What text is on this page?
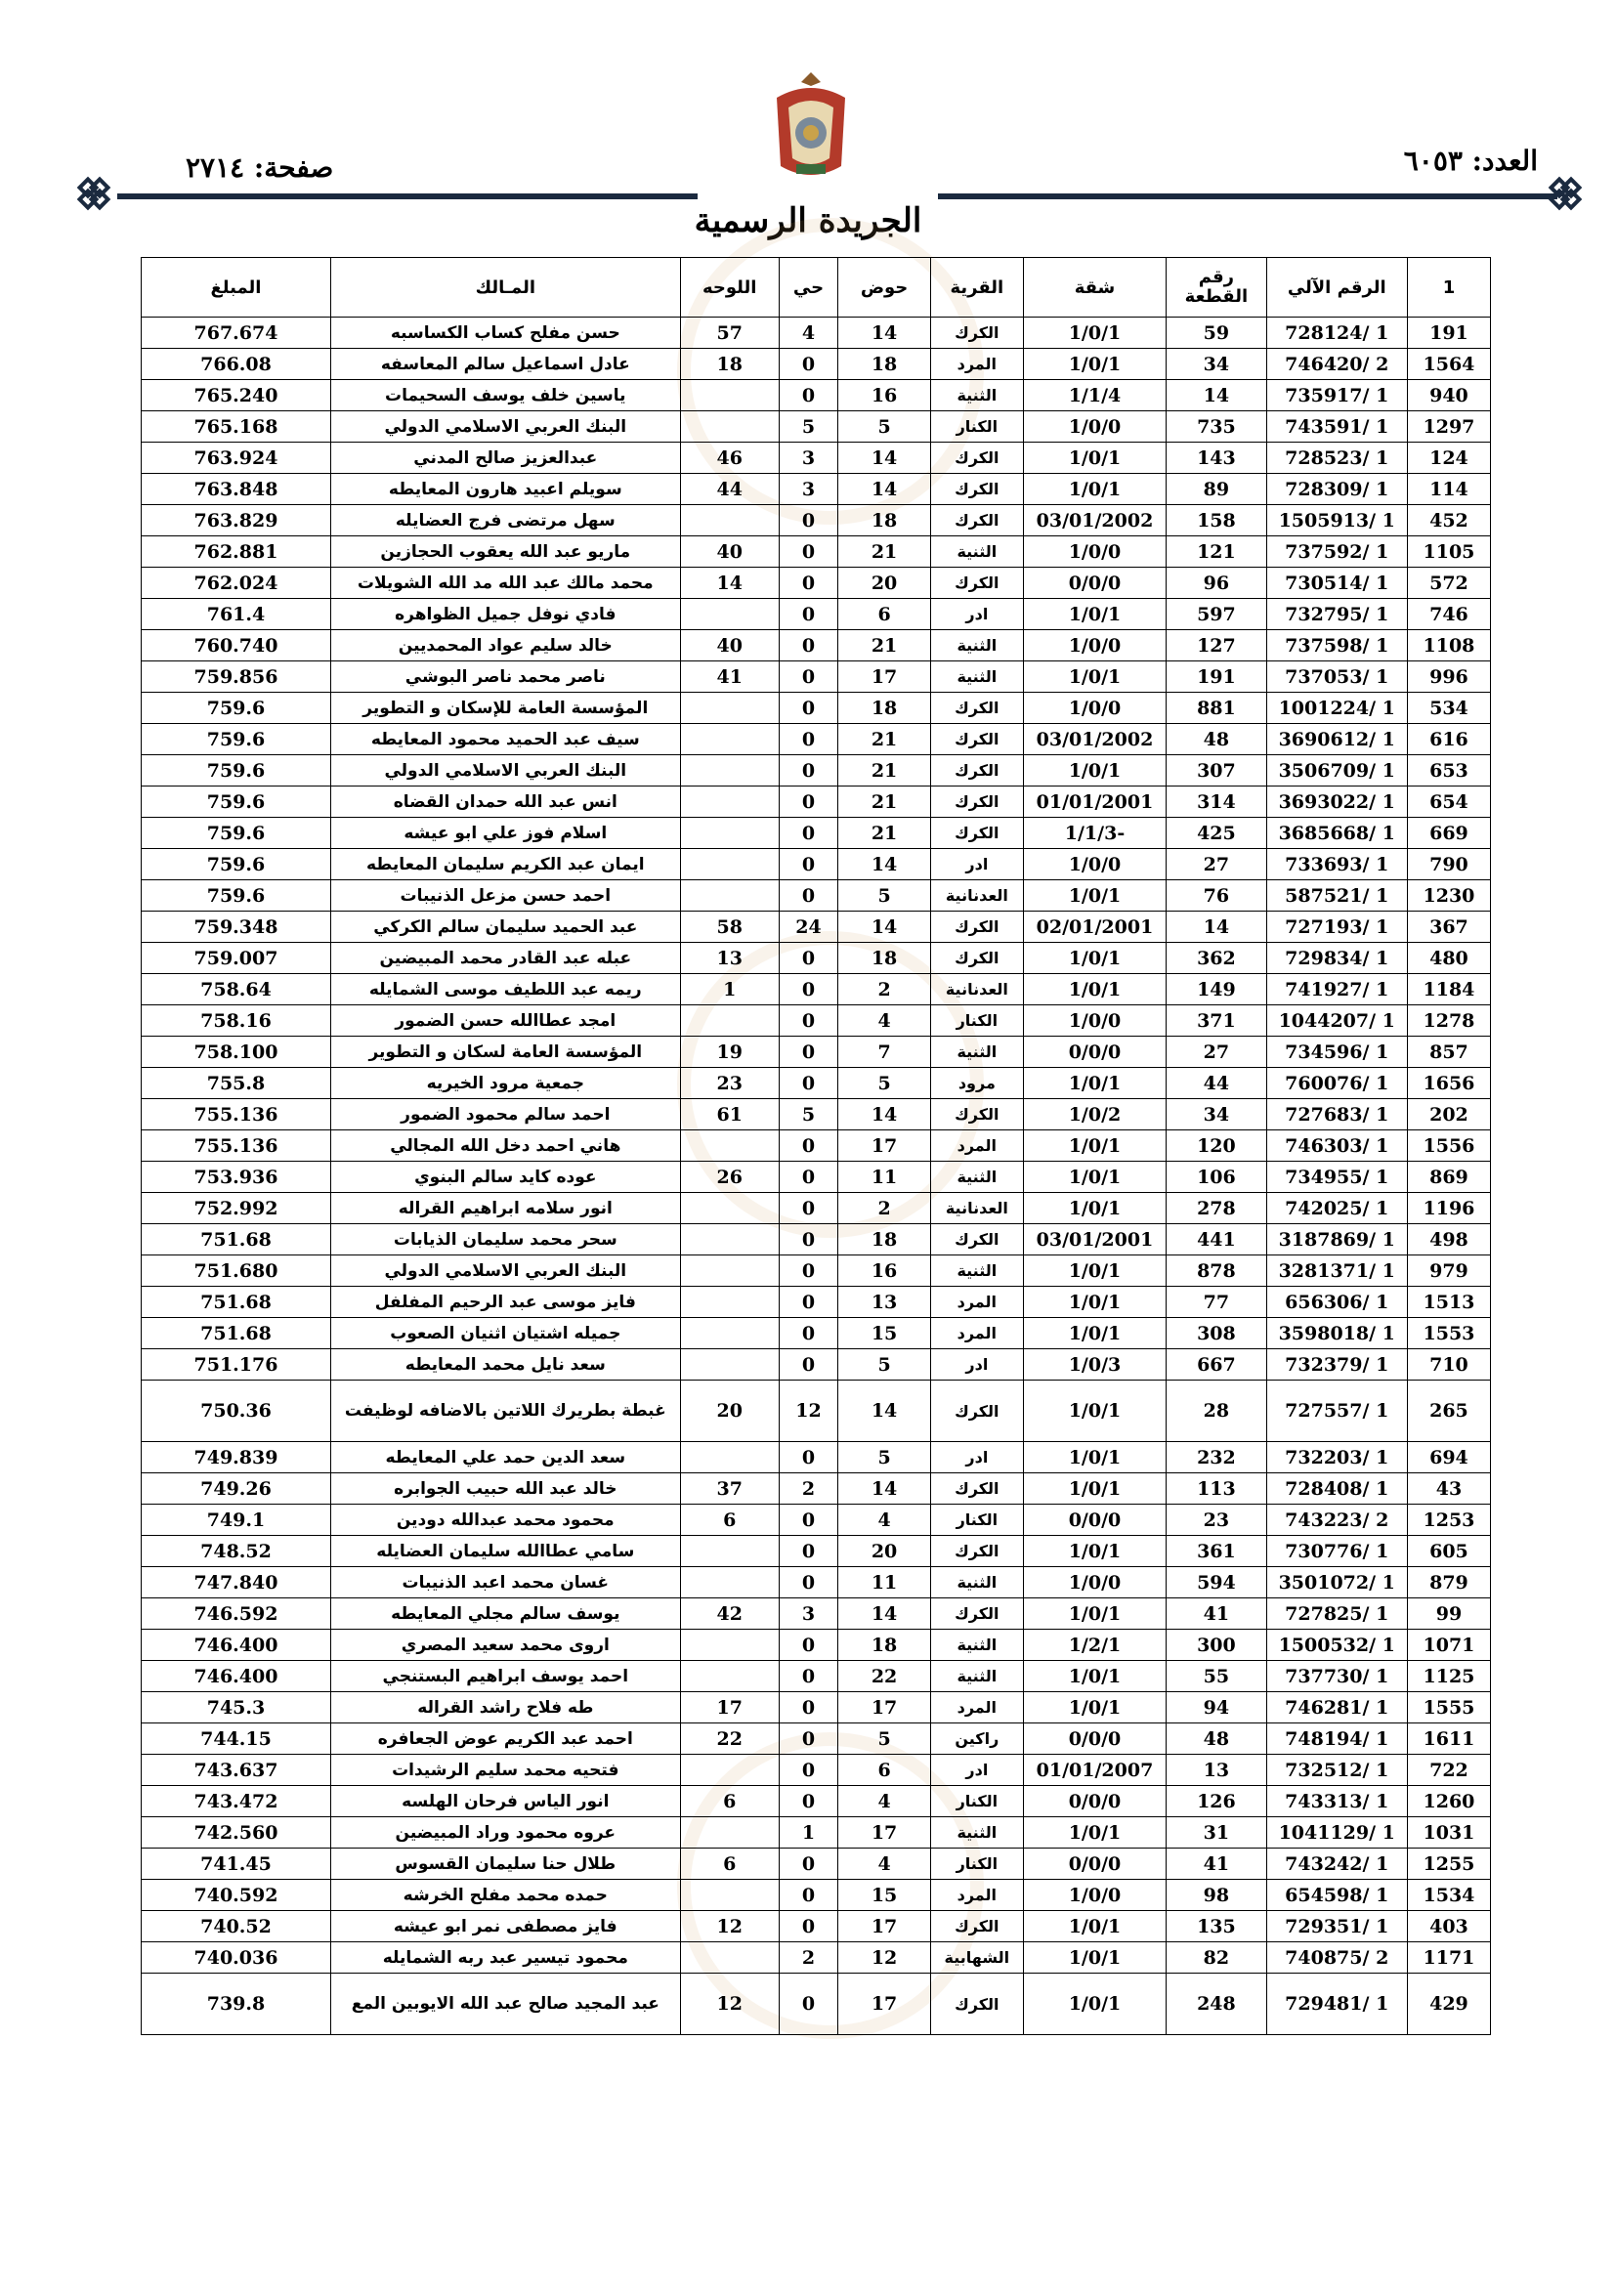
العدد: ٦٠٥٣
صفحة: ٢٧١٤
الجريدة الرسمية
1	الرقم الآلي	رقم القطعة	شقة	القرية	حوض	حي	اللوحه	المـالك	المبلغ
191	1 /728124	59	1/0/1	الكرك	14	4	57	حسن مفلح كساب الكساسبه	767.674
1564	2 /746420	34	1/0/1	المرد	18	0	18	عادل اسماعيل سالم المعاسفه	766.08
940	1 /735917	14	1/1/4	الثنية	16	0		ياسين خلف يوسف السحيمات	765.240
1297	1 /743591	735	1/0/0	الكنار	5	5		البنك العربي الاسلامي الدولي	765.168
124	1 /728523	143	1/0/1	الكرك	14	3	46	عبدالعزيز صالح المدني	763.924
114	1 /728309	89	1/0/1	الكرك	14	3	44	سويلم اعبيد هارون المعايطه	763.848
452	1 /1505913	158	03/01/2002	الكرك	18	0		سهل مرتضى فرج العضايله	763.829
1105	1 /737592	121	1/0/0	الثنية	21	0	40	ماريو عبد الله يعقوب الحجازين	762.881
572	1 /730514	96	0/0/0	الكرك	20	0	14	محمد مالك عبد الله مد الله الشويلات	762.024
746	1 /732795	597	1/0/1	ادر	6	0		فادي نوفل جميل الظواهره	761.4
1108	1 /737598	127	1/0/0	الثنية	21	0	40	خالد سليم عواد المحمديين	760.740
996	1 /737053	191	1/0/1	الثنية	17	0	41	ناصر محمد ناصر البوشي	759.856
534	1 /1001224	881	1/0/0	الكرك	18	0		المؤسسة العامة للإسكان و التطوير	759.6
616	1 /3690612	48	03/01/2002	الكرك	21	0		سيف عبد الحميد محمود المعايطه	759.6
653	1 /3506709	307	1/0/1	الكرك	21	0		البنك العربي الاسلامي الدولي	759.6
654	1 /3693022	314	01/01/2001	الكرك	21	0		انس عبد الله حمدان القضاه	759.6
669	1 /3685668	425	-1/1/3	الكرك	21	0		اسلام فوز علي ابو عيشه	759.6
790	1 /733693	27	1/0/0	ادر	14	0		ايمان عبد الكريم سليمان المعايطه	759.6
1230	1 /587521	76	1/0/1	العدنانية	5	0		احمد حسن مزعل الذنيبات	759.6
367	1 /727193	14	02/01/2001	الكرك	14	24	58	عبد الحميد سليمان سالم الكركي	759.348
480	1 /729834	362	1/0/1	الكرك	18	0	13	عبله عبد القادر محمد المبيضين	759.007
1184	1 /741927	149	1/0/1	العدنانية	2	0	1	ريمه عبد اللطيف موسى الشمايله	758.64
1278	1 /1044207	371	1/0/0	الكنار	4	0		امجد عطاالله حسن الضمور	758.16
857	1 /734596	27	0/0/0	الثنية	7	0	19	المؤسسة العامة لسكان و التطوير	758.100
1656	1 /760076	44	1/0/1	مرود	5	0	23	جمعية مرود الخيريه	755.8
202	1 /727683	34	1/0/2	الكرك	14	5	61	احمد سالم محمود الضمور	755.136
1556	1 /746303	120	1/0/1	المرد	17	0		هاني احمد دخل الله المجالي	755.136
869	1 /734955	106	1/0/1	الثنية	11	0	26	عوده كايد سالم البنوي	753.936
1196	1 /742025	278	1/0/1	العدنانية	2	0		انور سلامه ابراهيم القراله	752.992
498	1 /3187869	441	03/01/2001	الكرك	18	0		سحر محمد سليمان الذيابات	751.68
979	1 /3281371	878	1/0/1	الثنية	16	0		البنك العربي الاسلامي الدولي	751.680
1513	1 /656306	77	1/0/1	المرد	13	0		فايز موسى عبد الرحيم المفلفل	751.68
1553	1 /3598018	308	1/0/1	المرد	15	0		جميله اشتيان اثنيان الصعوب	751.68
710	1 /732379	667	1/0/3	ادر	5	0		سعد نايل محمد المعايطه	751.176
265	1 /727557	28	1/0/1	الكرك	14	12	20	غبطة بطريرك اللاتين بالاضافه لوظيفت	750.36
694	1 /732203	232	1/0/1	ادر	5	0		سعد الدين حمد علي المعايطه	749.839
43	1 /728408	113	1/0/1	الكرك	14	2	37	خالد عبد الله حبيب الجوابره	749.26
1253	2 /743223	23	0/0/0	الكنار	4	0	6	محمود محمد عبدالله دودين	749.1
605	1 /730776	361	1/0/1	الكرك	20	0		سامي عطاالله سليمان العضايله	748.52
879	1 /3501072	594	1/0/0	الثنية	11	0		غسان محمد اعبد الذنيبات	747.840
99	1 /727825	41	1/0/1	الكرك	14	3	42	يوسف سالم مجلي المعايطه	746.592
1071	1 /1500532	300	1/2/1	الثنية	18	0		اروى محمد سعيد المصري	746.400
1125	1 /737730	55	1/0/1	الثنية	22	0		احمد يوسف ابراهيم البستنجي	746.400
1555	1 /746281	94	1/0/1	المرد	17	0	17	طه فلاح راشد القراله	745.3
1611	1 /748194	48	0/0/0	راكين	5	0	22	احمد عبد الكريم عوض الجعافره	744.15
722	1 /732512	13	01/01/2007	ادر	6	0		فتحيه محمد سليم الرشيدات	743.637
1260	1 /743313	126	0/0/0	الكنار	4	0	6	انور الياس فرحان الهلسه	743.472
1031	1 /1041129	31	1/0/1	الثنية	17	1		عروه محمود وراد المبيضين	742.560
1255	1 /743242	41	0/0/0	الكنار	4	0	6	طلال حنا سليمان القسوس	741.45
1534	1 /654598	98	1/0/0	المرد	15	0		حمده محمد مفلح الخرشه	740.592
403	1 /729351	135	1/0/1	الكرك	17	0	12	فايز مصطفى نمر ابو عيشه	740.52
1171	2 /740875	82	1/0/1	الشهابية	12	2		محمود تيسير عبد ربه الشمايله	740.036
429	1 /729481	248	1/0/1	الكرك	17	0	12	عبد المجيد صالح عبد الله الايوبين المع	739.8
